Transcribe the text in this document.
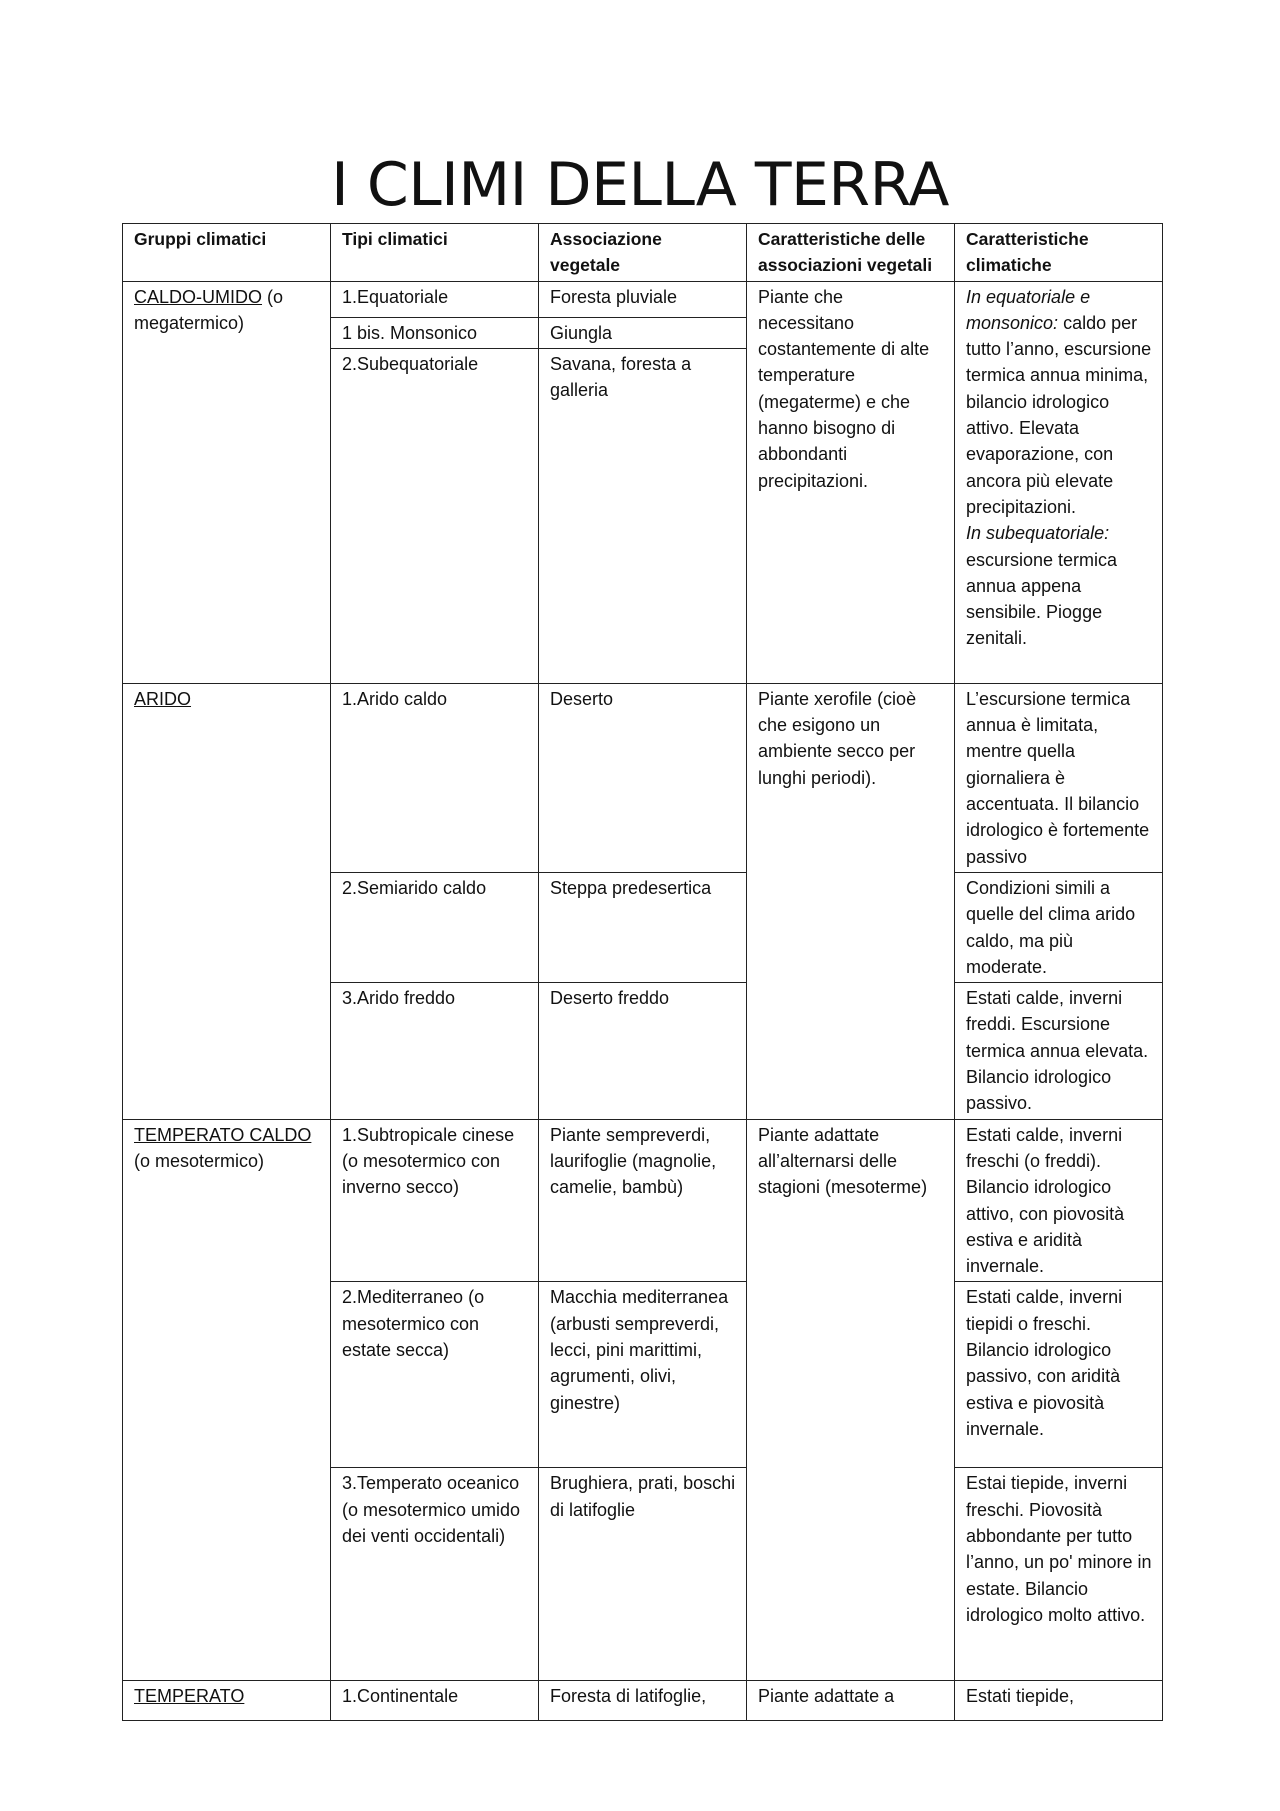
I CLIMI DELLA TERRA
Gruppi climatici	Tipi climatici	Associazione vegetale	Caratteristiche delle associazioni vegetali	Caratteristiche climatiche
CALDO-UMIDO (o megatermico)	1.Equatoriale	Foresta pluviale	Piante che necessitano costantemente di alte temperature (megaterme) e che hanno bisogno di abbondanti precipitazioni.	In equatoriale e monsonico: caldo per tutto l’anno, escursione termica annua minima, bilancio idrologico attivo. Elevata evaporazione, con ancora più elevate precipitazioni.
In subequatoriale: escursione termica annua appena sensibile. Piogge zenitali.
	1 bis. Monsonico	Giungla		
	2.Subequatoriale	Savana, foresta a galleria		
ARIDO	1.Arido caldo	Deserto	Piante xerofile (cioè che esigono un ambiente secco per lunghi periodi).	L’escursione termica annua è limitata, mentre quella giornaliera è accentuata. Il bilancio idrologico è fortemente passivo
	2.Semiarido caldo	Steppa predesertica		Condizioni simili a quelle del clima arido caldo, ma più moderate.
	3.Arido freddo	Deserto freddo		Estati calde, inverni freddi. Escursione termica annua elevata. Bilancio idrologico passivo.
TEMPERATO CALDO (o mesotermico)	1.Subtropicale cinese (o mesotermico con inverno secco)	Piante sempreverdi, laurifoglie (magnolie, camelie, bambù)	Piante adattate all’alternarsi delle stagioni (mesoterme)	Estati calde, inverni freschi (o freddi). Bilancio idrologico attivo, con piovosità estiva e aridità invernale.
	2.Mediterraneo (o mesotermico con estate secca)	Macchia mediterranea (arbusti sempreverdi, lecci, pini marittimi, agrumenti, olivi, ginestre)		Estati calde, inverni tiepidi o freschi. Bilancio idrologico passivo, con aridità estiva e piovosità invernale.
	3.Temperato oceanico (o mesotermico umido dei venti occidentali)	Brughiera, prati, boschi di latifoglie		Estai tiepide, inverni freschi. Piovosità abbondante per tutto l’anno, un po' minore in estate. Bilancio idrologico molto attivo.
TEMPERATO	1.Continentale	Foresta di latifoglie,	Piante adattate a	Estati tiepide,
